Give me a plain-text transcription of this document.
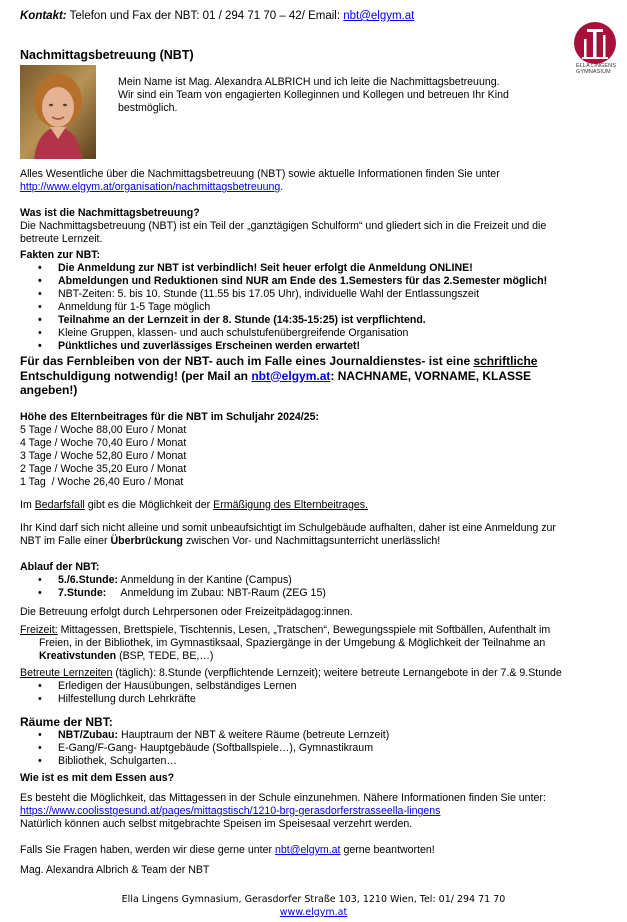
Kontakt: Telefon und Fax der NBT: 01 / 294 71 70 – 42/ Email: nbt@elgym.at
ELLA LINGENS
GYMNASIUM
Nachmittagsbetreuung (NBT)
Mein Name ist Mag. Alexandra ALBRICH und ich leite die Nachmittagsbetreuung.
Wir sind ein Team von engagierten Kolleginnen und Kollegen und betreuen Ihr Kind
bestmöglich.
Alles Wesentliche über die Nachmittagsbetreuung (NBT) sowie aktuelle Informationen finden Sie unter
http://www.elgym.at/organisation/nachmittagsbetreuung.
Was ist die Nachmittagsbetreuung?
Die Nachmittagsbetreuung (NBT) ist ein Teil der „ganztägigen Schulform“ und gliedert sich in die Freizeit und die
betreute Lernzeit.
Fakten zur NBT:
• Die Anmeldung zur NBT ist verbindlich! Seit heuer erfolgt die Anmeldung ONLINE!
• Abmeldungen und Reduktionen sind NUR am Ende des 1.Semesters für das 2.Semester möglich!
• NBT-Zeiten: 5. bis 10. Stunde (11.55 bis 17.05 Uhr), individuelle Wahl der Entlassungszeit
• Anmeldung für 1-5 Tage möglich
• Teilnahme an der Lernzeit in der 8. Stunde (14:35-15:25) ist verpflichtend.
• Kleine Gruppen, klassen- und auch schulstufenübergreifende Organisation
• Pünktliches und zuverlässiges Erscheinen werden erwartet!
Für das Fernbleiben von der NBT- auch im Falle eines Journaldienstes- ist eine schriftliche
Entschuldigung notwendig! (per Mail an nbt@elgym.at: NACHNAME, VORNAME, KLASSE
angeben!)
Höhe des Elternbeitrages für die NBT im Schuljahr 2024/25:
5 Tage / Woche 88,00 Euro / Monat
4 Tage / Woche 70,40 Euro / Monat
3 Tage / Woche 52,80 Euro / Monat
2 Tage / Woche 35,20 Euro / Monat
1 Tag  / Woche 26,40 Euro / Monat
Im Bedarfsfall gibt es die Möglichkeit der Ermäßigung des Elternbeitrages.
Ihr Kind darf sich nicht alleine und somit unbeaufsichtigt im Schulgebäude aufhalten, daher ist eine Anmeldung zur
NBT im Falle einer Überbrückung zwischen Vor- und Nachmittagsunterricht unerlässlich!
Ablauf der NBT:
• 5./6.Stunde: Anmeldung in der Kantine (Campus)
• 7.Stunde:     Anmeldung im Zubau: NBT-Raum (ZEG 15)
Die Betreuung erfolgt durch Lehrpersonen oder Freizeitpädagog:innen.
Freizeit: Mittagessen, Brettspiele, Tischtennis, Lesen, „Tratschen“, Bewegungsspiele mit Softbällen, Aufenthalt im
Freien, in der Bibliothek, im Gymnastiksaal, Spaziergänge in der Umgebung & Möglichkeit der Teilnahme an
Kreativstunden (BSP, TEDE, BE,…)
Betreute Lernzeiten (täglich): 8.Stunde (verpflichtende Lernzeit); weitere betreute Lernangebote in der 7.& 9.Stunde
• Erledigen der Hausübungen, selbständiges Lernen
• Hilfestellung durch Lehrkräfte
Räume der NBT:
• NBT/Zubau: Hauptraum der NBT & weitere Räume (betreute Lernzeit)
• E-Gang/F-Gang- Hauptgebäude (Softballspiele…), Gymnastikraum
• Bibliothek, Schulgarten…
Wie ist es mit dem Essen aus?
Es besteht die Möglichkeit, das Mittagessen in der Schule einzunehmen. Nähere Informationen finden Sie unter:
https://www.coolisstgesund.at/pages/mittagstisch/1210-brg-gerasdorferstrasseella-lingens
Natürlich können auch selbst mitgebrachte Speisen im Speisesaal verzehrt werden.
Falls Sie Fragen haben, werden wir diese gerne unter nbt@elgym.at gerne beantworten!
Mag. Alexandra Albrich & Team der NBT
Ella Lingens Gymnasium, Gerasdorfer Straße 103, 1210 Wien, Tel: 01/ 294 71 70
www.elgym.at
